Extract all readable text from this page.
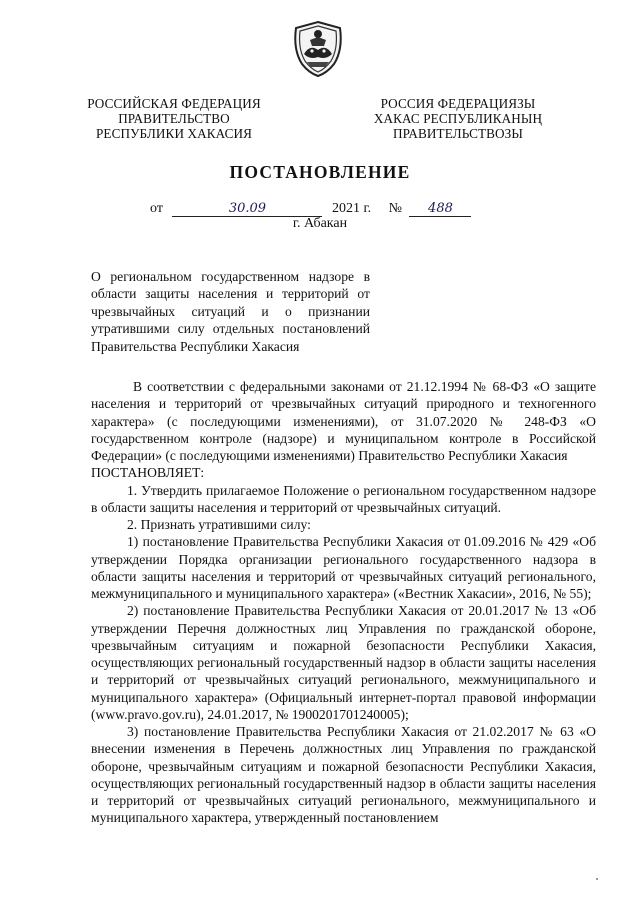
РОССИЙСКАЯ ФЕДЕРАЦИЯ
ПРАВИТЕЛЬСТВО
РЕСПУБЛИКИ ХАКАСИЯ
РОССИЯ ФЕДЕРАЦИЯЗЫ
ХАКАС РЕСПУБЛИКАНЫҢ
ПРАВИТЕЛЬСТВОЗЫ
ПОСТАНОВЛЕНИЕ
от	30.09	2021 г. № 488
г. Абакан
О региональном государственном надзоре в области защиты населения и территорий от чрезвычайных ситуаций и о признании утратившими силу отдельных постановлений Правительства Республики Хакасия

В соответствии с федеральными законами от 21.12.1994 № 68-ФЗ «О защите населения и территорий от чрезвычайных ситуаций природного и техногенного характера» (с последующими изменениями), от 31.07.2020 № 248-ФЗ «О государственном контроле (надзоре) и муниципальном контроле в Российской Федерации» (с последующими изменениями) Правительство Республики Хакасия

ПОСТАНОВЛЯЕТ:

1. Утвердить прилагаемое Положение о региональном государственном надзоре в области защиты населения и территорий от чрезвычайных ситуаций.

2. Признать утратившими силу:

1) постановление Правительства Республики Хакасия от 01.09.2016 № 429 «Об утверждении Порядка организации регионального государственного надзора в области защиты населения и территорий от чрезвычайных ситуаций регионального, межмуниципального и муниципального характера» («Вестник Хакасии», 2016, № 55);

2) постановление Правительства Республики Хакасия от 20.01.2017 № 13 «Об утверждении Перечня должностных лиц Управления по гражданской обороне, чрезвычайным ситуациям и пожарной безопасности Республики Хакасия, осуществляющих региональный государственный надзор в области защиты населения и территорий от чрезвычайных ситуаций регионального, межмуниципального и муниципального характера» (Официальный интернет-портал правовой информации (www.pravo.gov.ru), 24.01.2017, № 1900201701240005);

3) постановление Правительства Республики Хакасия от 21.02.2017 № 63 «О внесении изменения в Перечень должностных лиц Управления по гражданской обороне, чрезвычайным ситуациям и пожарной безопасности Республики Хакасия, осуществляющих региональный государственный надзор в области защиты населения и территорий от чрезвычайных ситуаций регионального, межмуниципального и муниципального характера, утвержденный постановлением
